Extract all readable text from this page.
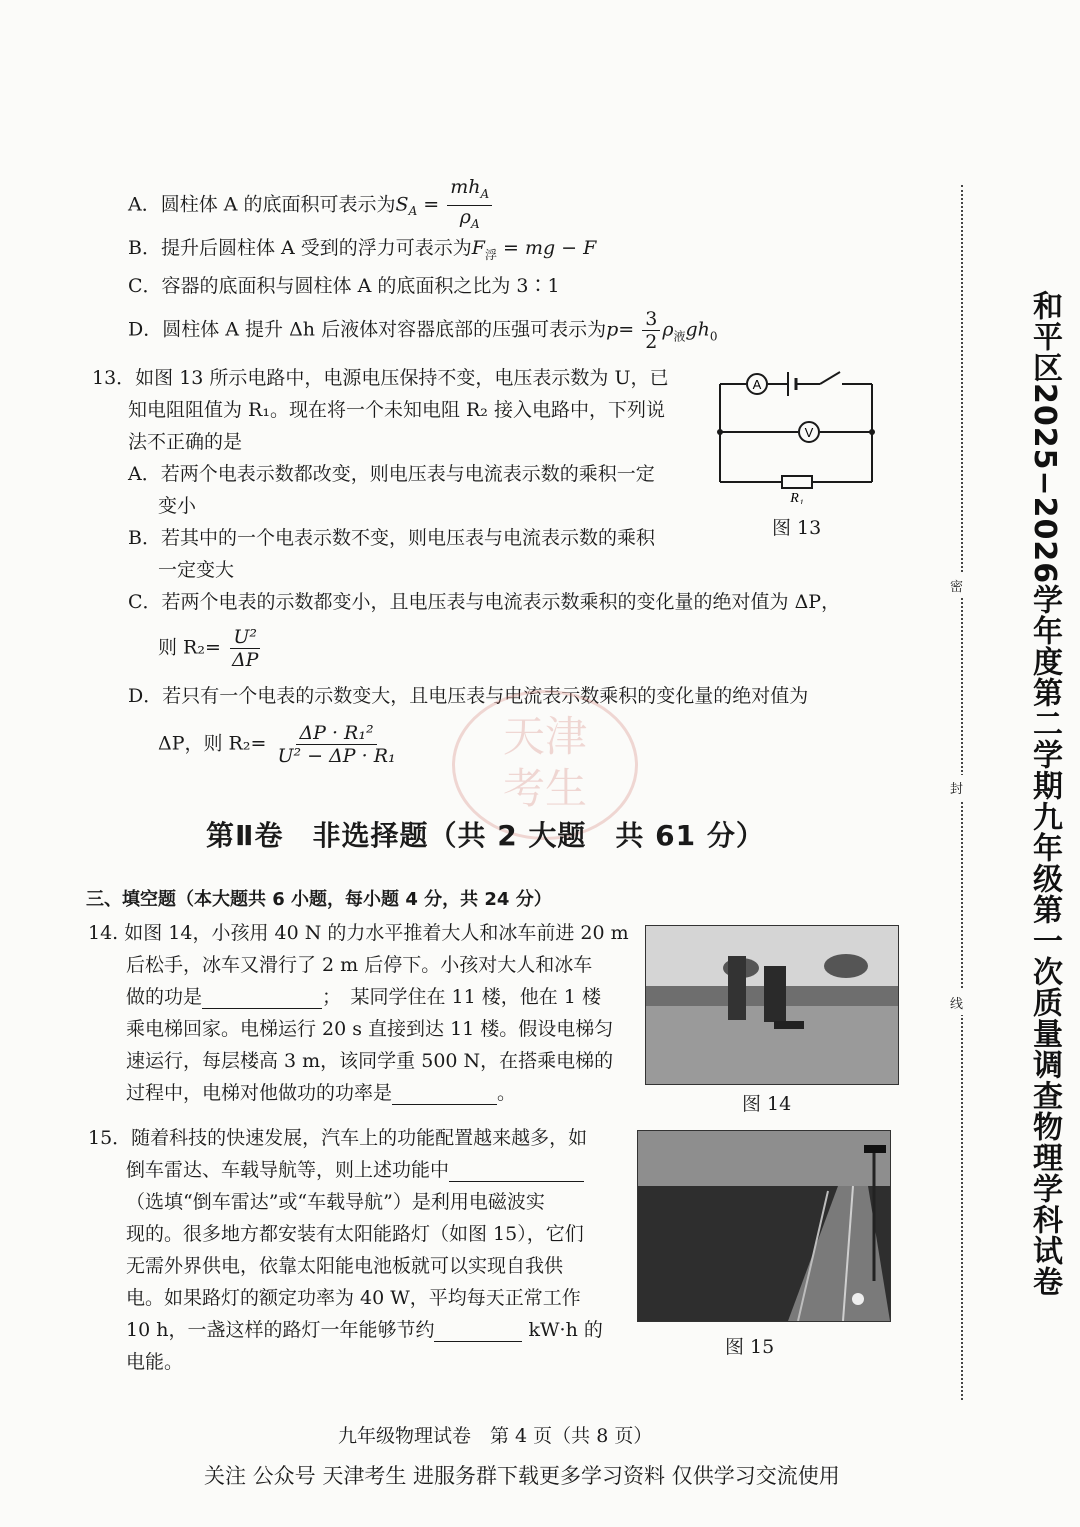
A．圆柱体 A 的底面积可表示为$S_A = \frac{mh_A}{\rho_A}$
B．提升后圆柱体 A 受到的浮力可表示为$F_浮$ = mg − F
C．容器的底面积与圆柱体 A 的底面积之比为 3∶1
D．圆柱体 A 提升 Δh 后液体对容器底部的压强可表示为$p= \frac{3}{2} \rho_液gh_0$
13．如图 13 所示电路中，电源电压保持不变，电压表示数为 U，已
知电阻阻值为 R₁。现在将一个未知电阻 R₂ 接入电路中，下列说
法不正确的是
A．若两个电表示数都改变，则电压表与电流表示数的乘积一定
变小
B．若其中的一个电表示数不变，则电压表与电流表示数的乘积
一定变大
C．若两个电表的示数都变小，且电压表与电流表示数乘积的变化量的绝对值为 ΔP，
则 $R_2= \frac{\text{U²}}{\Delta P}$
D．若只有一个电表的示数变大，且电压表与电流表示数乘积的变化量的绝对值为
ΔP，则 $R_2= \frac{\text{ΔP · R₁²}}{\text{U² − ΔP · R₁}}$
A
V
R₁
图 13
天津
考生
第Ⅱ卷　非选择题（共 2 大题　共 61 分）
三、填空题（本大题共 6 小题，每小题 4 分，共 24 分）
14. 如图 14，小孩用 40 N 的力水平推着大人和冰车前进 20 m
后松手，冰车又滑行了 2 m 后停下。小孩对大人和冰车
做的功是	；　某同学住在 11 楼，他在 1 楼
乘电梯回家。电梯运行 20 s 直接到达 11 楼。假设电梯匀
速运行，每层楼高 3 m，该同学重 500 N，在搭乘电梯的
过程中，电梯对他做功的功率是	。	图 14
15．随着科技的快速发展，汽车上的功能配置越来越多，如
倒车雷达、车载导航等，则上述功能中
（选填“倒车雷达”或“车载导航”）是利用电磁波实
现的。很多地方都安装有太阳能路灯（如图 15），它们
无需外界供电，依靠太阳能电池板就可以实现自我供
电。如果路灯的额定功率为 40 W，平均每天正常工作
10 h，一盏这样的路灯一年能够节约	kW·h 的
电能。
图 15
九年级物理试卷　第 4 页（共 8 页）
关注 公众号 天津考生 进服务群下载更多学习资料 仅供学习交流使用
密
封
线	和平区2025−2026学年度第二学期九年级第一次质量调查物理学科试卷
